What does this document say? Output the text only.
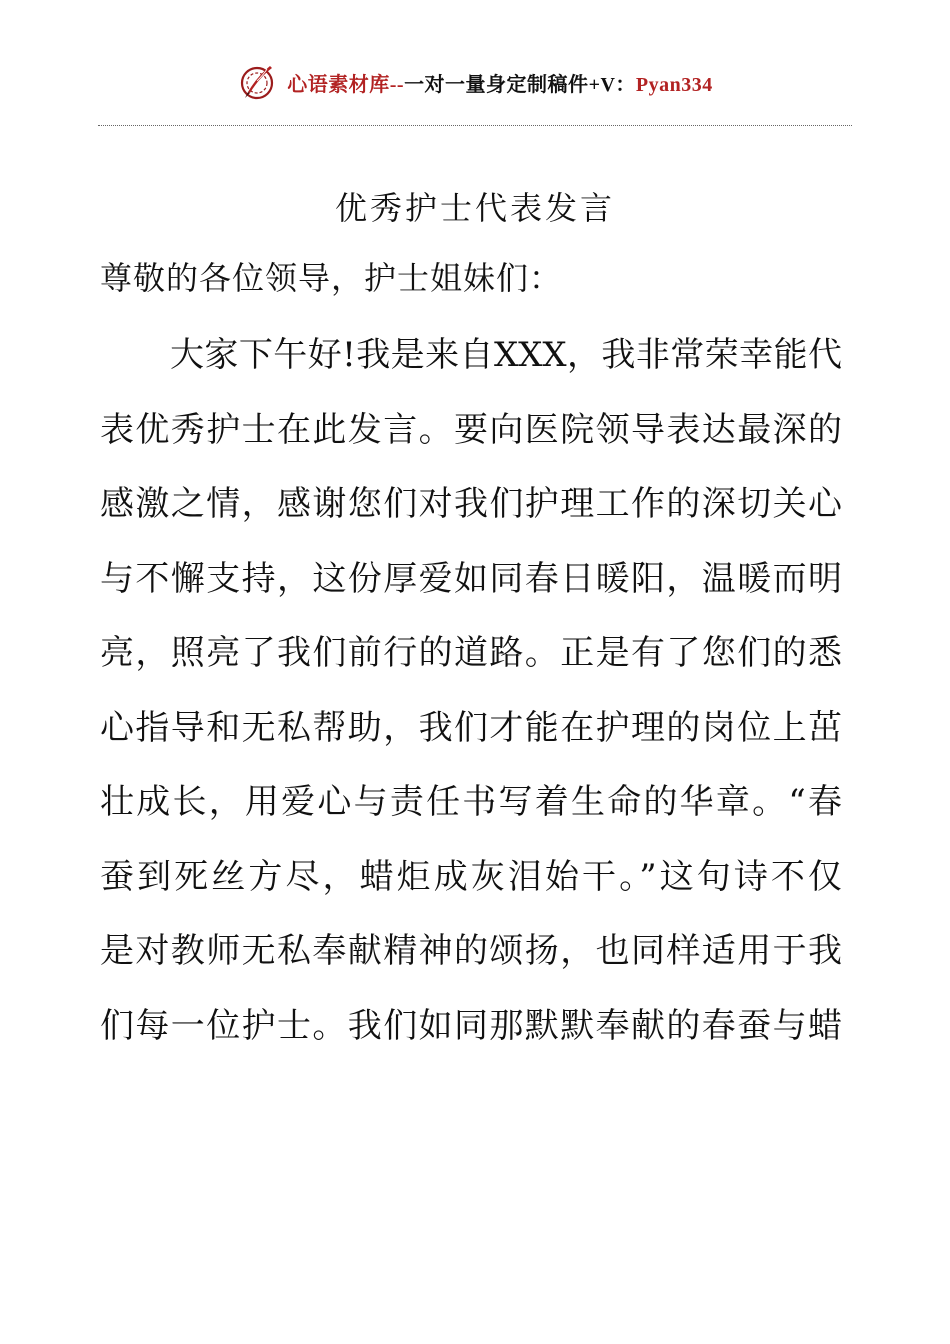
心语素材库--一对一量身定制稿件+V：Pyan334
优秀护士代表发言
尊敬的各位领导，护士姐妹们：
大家下午好!我是来自XXX，我非常荣幸能代
表优秀护士在此发言。要向医院领导表达最深的
感激之情，感谢您们对我们护理工作的深切关心
与不懈支持，这份厚爱如同春日暖阳，温暖而明
亮，照亮了我们前行的道路。正是有了您们的悉
心指导和无私帮助，我们才能在护理的岗位上茁
壮成长，用爱心与责任书写着生命的华章。“春
蚕到死丝方尽，蜡炬成灰泪始干。”这句诗不仅
是对教师无私奉献精神的颂扬，也同样适用于我
们每一位护士。我们如同那默默奉献的春蚕与蜡
